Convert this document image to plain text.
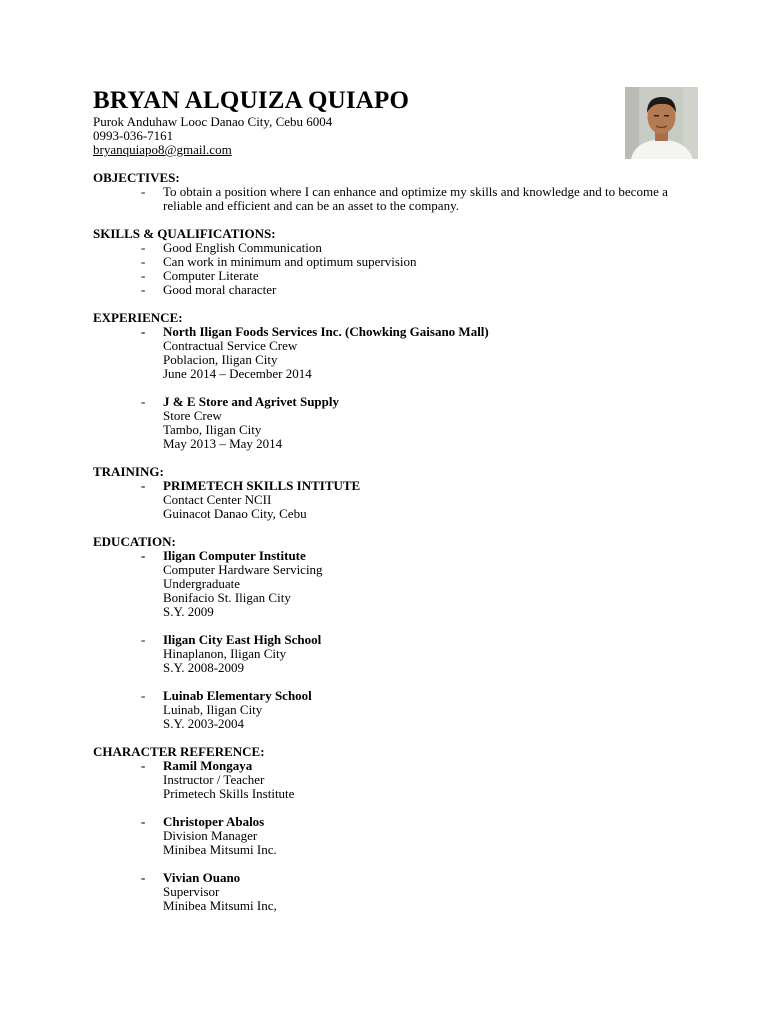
BRYAN ALQUIZA QUIAPO
Purok Anduhaw Looc Danao City, Cebu 6004
0993-036-7161
bryanquiapo8@gmail.com
OBJECTIVES:
-	To obtain a position where I can enhance and optimize my skills and knowledge and to become a reliable and efficient and can be an asset to the company.
SKILLS & QUALIFICATIONS:
-	Good English Communication
-	Can work in minimum and optimum supervision
-	Computer Literate
-	Good moral character
EXPERIENCE:
-	North Iligan Foods Services Inc. (Chowking Gaisano Mall)
Contractual Service Crew
Poblacion, Iligan City
June 2014 – December 2014
-	J & E Store and Agrivet Supply
Store Crew
Tambo, Iligan City
May 2013 – May 2014
TRAINING:
-	PRIMETECH SKILLS INTITUTE
Contact Center NCII
Guinacot Danao City, Cebu
EDUCATION:
-	Iligan Computer Institute
Computer Hardware Servicing
Undergraduate
Bonifacio St. Iligan City
S.Y. 2009
-	Iligan City East High School
Hinaplanon, Iligan City
S.Y. 2008-2009
-	Luinab Elementary School
Luinab, Iligan City
S.Y. 2003-2004
CHARACTER REFERENCE:
-	Ramil Mongaya
Instructor / Teacher
Primetech Skills Institute
-	Christoper Abalos
Division Manager
Minibea Mitsumi Inc.
-	Vivian Ouano
Supervisor
Minibea Mitsumi Inc,
